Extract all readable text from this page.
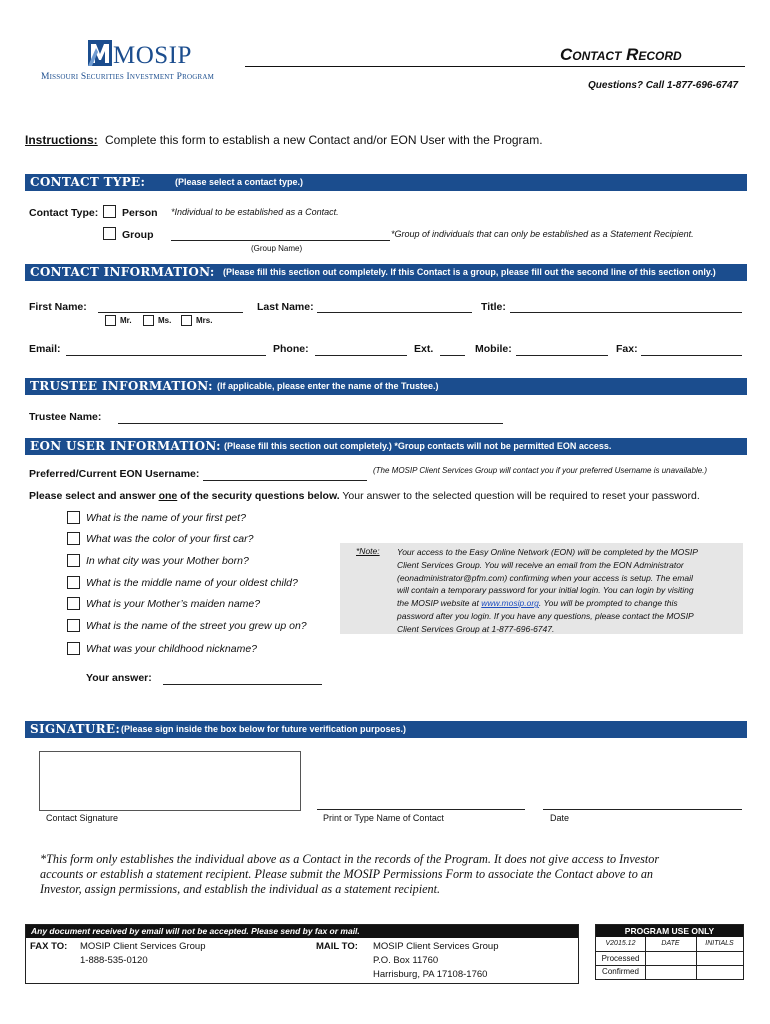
MOSIP
Missouri Securities Investment Program
Contact Record
Questions? Call 1-877-696-6747
Instructions: Complete this form to establish a new Contact and/or EON User with the Program.
CONTACT TYPE:	(Please select a contact type.)
Contact Type: Person *Individual to be established as a Contact.
Group	*Group of individuals that can only be established as a Statement Recipient.
(Group Name)
CONTACT INFORMATION: (Please fill this section out completely. If this Contact is a group, please fill out the second line of this section only.)
First Name:	Last Name:	Title:
Mr.	Ms.	Mrs.
Email:	Phone:	Ext.	Mobile:	Fax:
TRUSTEE INFORMATION: (If applicable, please enter the name of the Trustee.)
Trustee Name:
EON USER INFORMATION: (Please fill this section out completely.) *Group contacts will not be permitted EON access.
Preferred/Current EON Username:	(The MOSIP Client Services Group will contact you if your preferred Username is unavailable.)
Please select and answer one of the security questions below. Your answer to the selected question will be required to reset your password.
What is the name of your first pet?
What was the color of your first car?
In what city was your Mother born?
What is the middle name of your oldest child?
What is your Mother’s maiden name?
What is the name of the street you grew up on?
What was your childhood nickname?
Your answer:
*Note: Your access to the Easy Online Network (EON) will be completed by the MOSIP
Client Services Group. You will receive an email from the EON Administrator
(eonadministrator@pfm.com) confirming when your access is setup. The email
will contain a temporary password for your initial login. You can login by visiting
the MOSIP website at www.mosip.org. You will be prompted to change this
password after you login. If you have any questions, please contact the MOSIP
Client Services Group at 1-877-696-6747.
SIGNATURE: (Please sign inside the box below for future verification purposes.)
Contact Signature	Print or Type Name of Contact	Date
*This form only establishes the individual above as a Contact in the records of the Program. It does not give access to Investor
accounts or establish a statement recipient. Please submit the MOSIP Permissions Form to associate the Contact above to an
Investor, assign permissions, and establish the individual as a statement recipient.
Any document received by email will not be accepted. Please send by fax or mail.
FAX TO: MOSIP Client Services Group
1-888-535-0120
MAIL TO: MOSIP Client Services Group
P.O. Box 11760
Harrisburg, PA 17108-1760
PROGRAM USE ONLY
V2015.12	DATE	INITIALS
Processed
Confirmed
